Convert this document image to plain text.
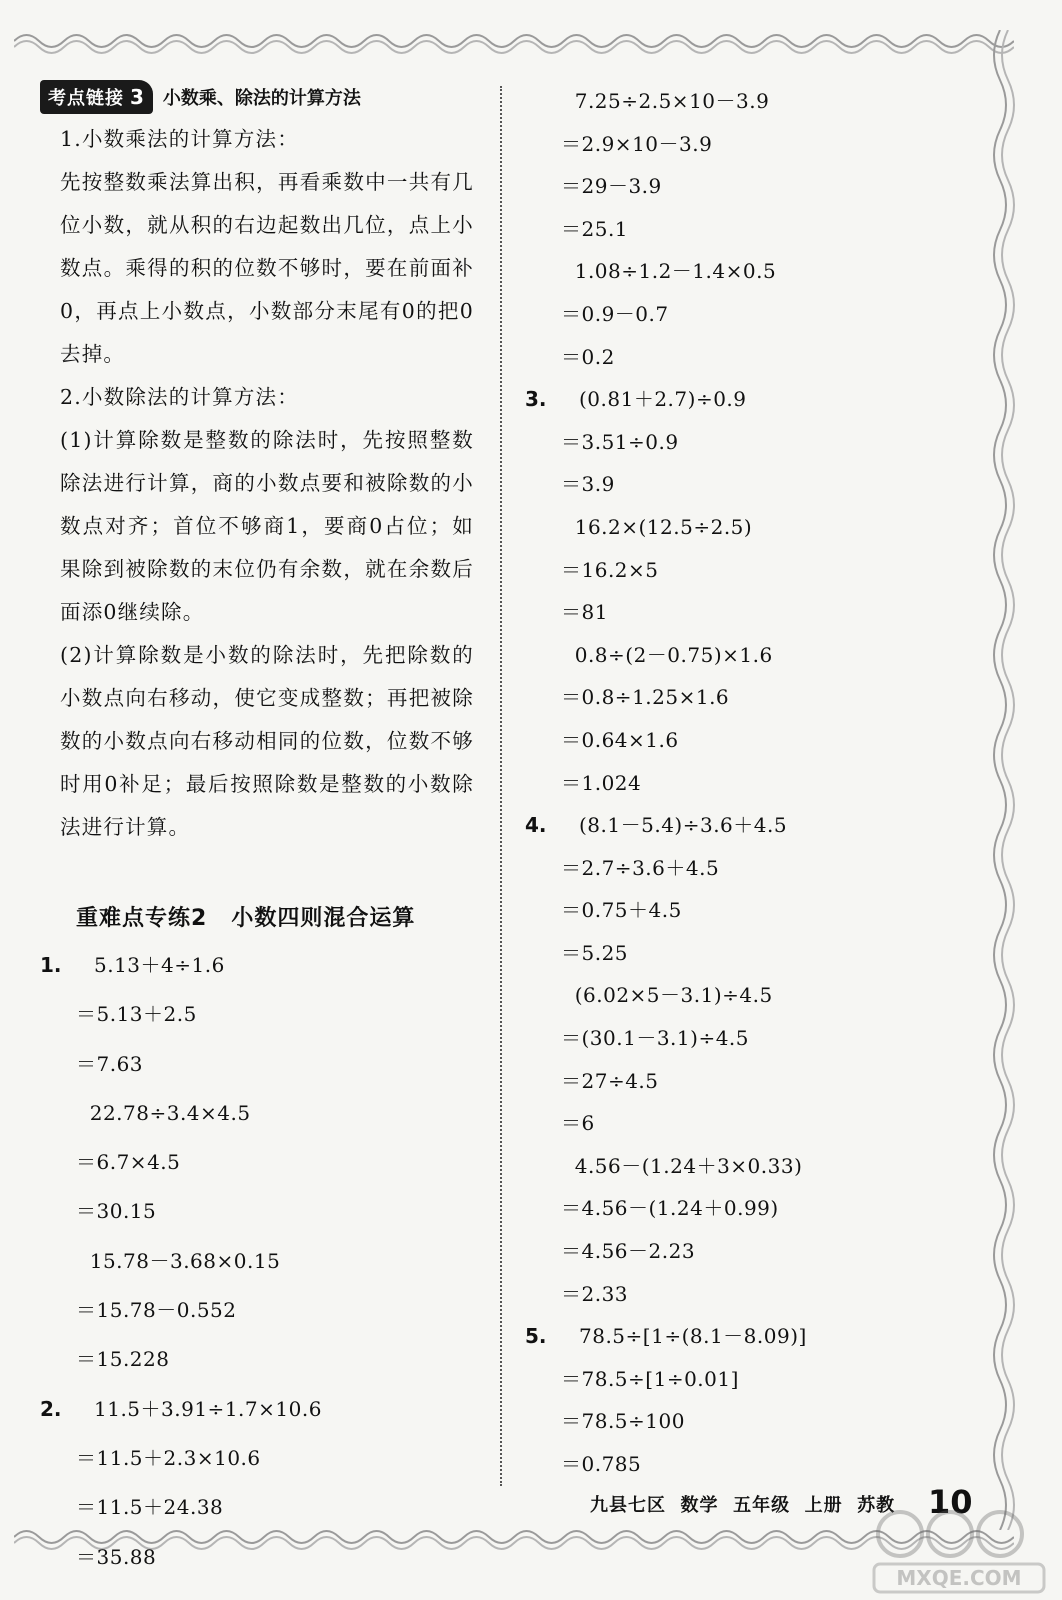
考点链接 3 小数乘、除法的计算方法

1.小数乘法的计算方法：

先按整数乘法算出积，再看乘数中一共有几位小数，就从积的右边起数出几位，点上小数点。乘得的积的位数不够时，要在前面补0，再点上小数点，小数部分末尾有0的把0去掉。

2.小数除法的计算方法：

(1)计算除数是整数的除法时，先按照整数除法进行计算，商的小数点要和被除数的小数点对齐；首位不够商1，要商0占位；如果除到被除数的末位仍有余数，就在余数后面添0继续除。

(2)计算除数是小数的除法时，先把除数的小数点向右移动，使它变成整数；再把被除数的小数点向右移动相同的位数，位数不够时用0补足；最后按照除数是整数的小数除法进行计算。

重难点专练2 小数四则混合运算
1.	5.13＋4÷1.6
＝5.13＋2.5
＝7.63
22.78÷3.4×4.5
＝6.7×4.5
＝30.15
15.78－3.68×0.15
＝15.78－0.552
＝15.228
2.	11.5＋3.91÷1.7×10.6
＝11.5＋2.3×10.6
＝11.5＋24.38
＝35.88
7.25÷2.5×10－3.9
＝2.9×10－3.9
＝29－3.9
＝25.1
1.08÷1.2－1.4×0.5
＝0.9－0.7
＝0.2
3.	(0.81＋2.7)÷0.9
＝3.51÷0.9
＝3.9
16.2×(12.5÷2.5)
＝16.2×5
＝81
0.8÷(2－0.75)×1.6
＝0.8÷1.25×1.6
＝0.64×1.6
＝1.024
4.	(8.1－5.4)÷3.6＋4.5
＝2.7÷3.6＋4.5
＝0.75＋4.5
＝5.25
(6.02×5－3.1)÷4.5
＝(30.1－3.1)÷4.5
＝27÷4.5
＝6
4.56－(1.24＋3×0.33)
＝4.56－(1.24＋0.99)
＝4.56－2.23
＝2.33
5.	78.5÷[1÷(8.1－8.09)]
＝78.5÷[1÷0.01]
＝78.5÷100
＝0.785
九县七区  数学  五年级  上册  苏教 10
MXQE.COM
